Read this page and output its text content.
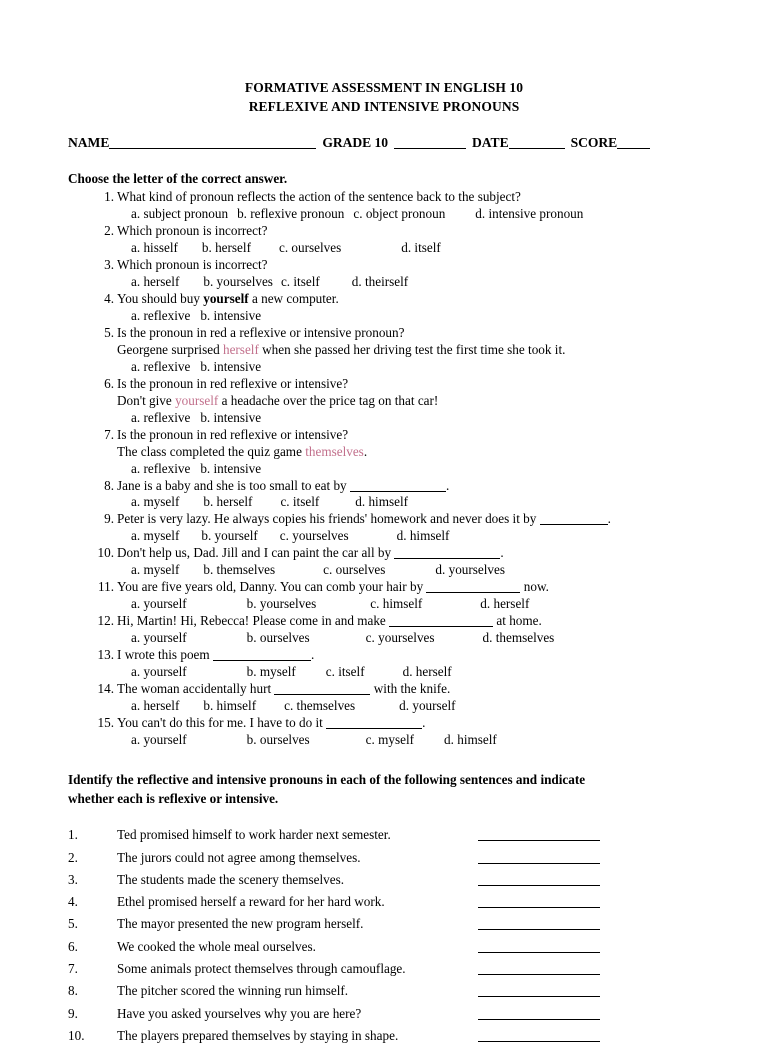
FORMATIVE ASSESSMENT IN ENGLISH 10
REFLEXIVE AND INTENSIVE PRONOUNS
NAME	GRADE 10	DATE	SCORE
Choose the letter of the correct answer.
1. What kind of pronoun reflects the action of the sentence back to the subject?
a. subject pronoun b. reflexive pronoun c. object pronoun d. intensive pronoun
2. Which pronoun is incorrect?
a. hisself b. herself c. ourselves	d. itself
3. Which pronoun is incorrect?
a. herself b. yourselves c. itself d. theirself
4. You should buy yourself a new computer.
a. reflexive b. intensive
5. Is the pronoun in red a reflexive or intensive pronoun?
Georgene surprised herself when she passed her driving test the first time she took it.
a. reflexive b. intensive
6. Is the pronoun in red reflexive or intensive?
Don't give yourself a headache over the price tag on that car!
a. reflexive b. intensive
7. Is the pronoun in red reflexive or intensive?
The class completed the quiz game themselves.
a. reflexive b. intensive
8. Jane is a baby and she is too small to eat by	.
a. myself b. herself c. itself	d. himself
9. Peter is very lazy. He always copies his friends' homework and never does it by	.
a. myself b. yourself c. yourselves	d. himself
10. Don't help us, Dad. Jill and I can paint the car all by	.
a. myself b. themselves	c. ourselves	d. yourselves
11. You are five years old, Danny. You can comb your hair by	now.
a. yourself	b. yourselves	c. himself	d. herself
12. Hi, Martin! Hi, Rebecca! Please come in and make	at home.
a. yourself	b. ourselves	c. yourselves	d. themselves
13. I wrote this poem	.
a. yourself	b. myself c. itself	d. herself
14. The woman accidentally hurt	with the knife.
a. herself b. himself c. themselves	d. yourself
15. You can't do this for me. I have to do it	.
a. yourself	b. ourselves	c. myself d. himself
Identify the reflective and intensive pronouns in each of the following sentences and indicate
whether each is reflexive or intensive.
1.	Ted promised himself to work harder next semester.
2.	The jurors could not agree among themselves.
3.	The students made the scenery themselves.
4.	Ethel promised herself a reward for her hard work.
5.	The mayor presented the new program herself.
6.	We cooked the whole meal ourselves.
7.	Some animals protect themselves through camouflage.
8.	The pitcher scored the winning run himself.
9.	Have you asked yourselves why you are here?
10.	The players prepared themselves by staying in shape.
